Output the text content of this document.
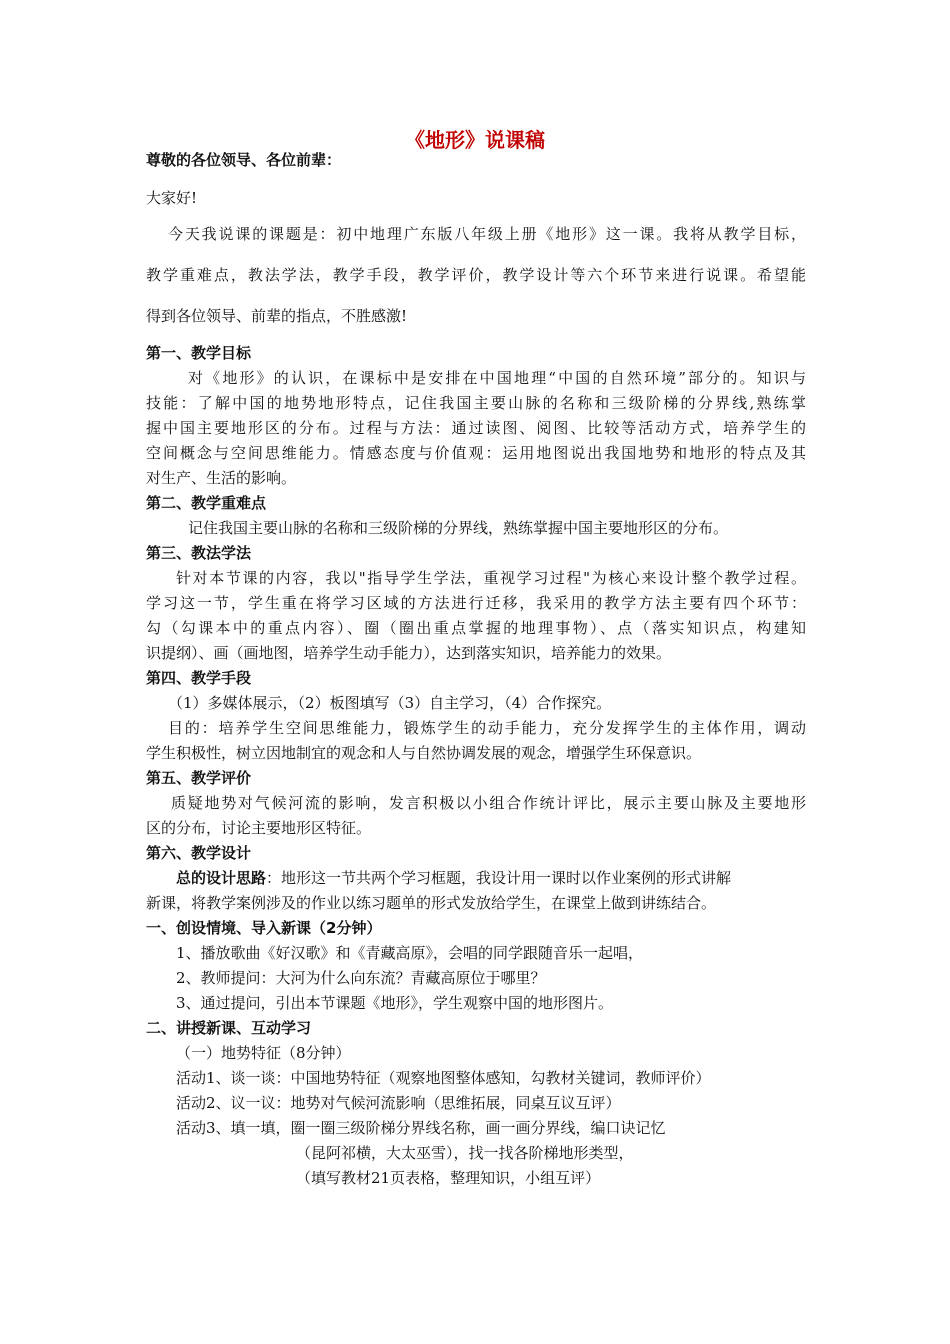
《地形》说课稿

尊敬的各位领导、各位前辈：

大家好!

今天我说课的课题是：初中地理广东版八年级上册《地形》这一课。我将从教学目标，

教学重难点，教法学法，教学手段，教学评价，教学设计等六个环节来进行说课。希望能

得到各位领导、前辈的指点，不胜感激!

第一、教学目标

对《地形》的认识，在课标中是安排在中国地理“中国的自然环境”部分的。知识与

技能：了解中国的地势地形特点，记住我国主要山脉的名称和三级阶梯的分界线,熟练掌

握中国主要地形区的分布。过程与方法：通过读图、阅图、比较等活动方式，培养学生的

空间概念与空间思维能力。情感态度与价值观：运用地图说出我国地势和地形的特点及其

对生产、生活的影响。

第二、教学重难点

记住我国主要山脉的名称和三级阶梯的分界线，熟练掌握中国主要地形区的分布。

第三、教法学法

针对本节课的内容，我以"指导学生学法，重视学习过程"为核心来设计整个教学过程。

学习这一节，学生重在将学习区域的方法进行迁移，我采用的教学方法主要有四个环节：

勾（勾课本中的重点内容）、圈（圈出重点掌握的地理事物）、点（落实知识点，构建知

识提纲）、画（画地图，培养学生动手能力），达到落实知识，培养能力的效果。

第四、教学手段

（1）多媒体展示，（2）板图填写（3）自主学习，（4）合作探究。

目的：培养学生空间思维能力，锻炼学生的动手能力，充分发挥学生的主体作用，调动

学生积极性，树立因地制宜的观念和人与自然协调发展的观念，增强学生环保意识。

第五、教学评价

质疑地势对气候河流的影响，发言积极以小组合作统计评比，展示主要山脉及主要地形

区的分布，讨论主要地形区特征。

第六、教学设计

总的设计思路：地形这一节共两个学习框题，我设计用一课时以作业案例的形式讲解

新课，将教学案例涉及的作业以练习题单的形式发放给学生，在课堂上做到讲练结合。

一、创设情境、导入新课（2分钟）

1、播放歌曲《好汉歌》和《青藏高原》，会唱的同学跟随音乐一起唱，

2、教师提问：大河为什么向东流？青藏高原位于哪里？

3、通过提问，引出本节课题《地形》，学生观察中国的地形图片。

二、讲授新课、互动学习

（一）地势特征（8分钟）

活动1、谈一谈：中国地势特征（观察地图整体感知，勾教材关键词，教师评价）

活动2、议一议：地势对气候河流影响（思维拓展，同桌互议互评）

活动3、填一填，圈一圈三级阶梯分界线名称，画一画分界线，编口诀记忆

（昆阿祁横，大太巫雪），找一找各阶梯地形类型，

（填写教材21页表格，整理知识，小组互评）
